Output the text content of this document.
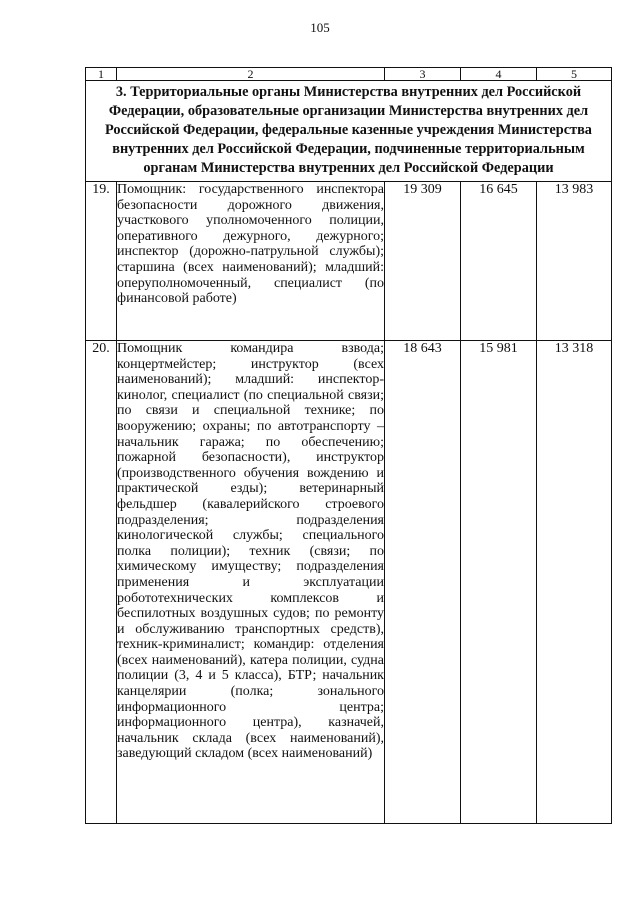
105
1	2	3	4	5
3. Территориальные органы Министерства внутренних дел Российской Федерации, образовательные организации Министерства внутренних дел Российской Федерации, федеральные казенные учреждения Министерства внутренних дел Российской Федерации, подчиненные территориальным органам Министерства внутренних дел Российской Федерации				
19.	Помощник: государственного инспектора безопасности дорожного движения, участкового уполномоченного полиции, оперативного дежурного, дежурного; инспектор (дорожно-патрульной службы); старшина (всех наименований); младший: оперуполномоченный, специалист (по финансовой работе)	19 309	16 645	13 983
20.	Помощник командира взвода; концертмейстер; инструктор (всех наименований); младший: инспектор-кинолог, специалист (по специальной связи; по связи и специальной технике; по вооружению; охраны; по автотранспорту – начальник гаража; по обеспечению; пожарной безопасности), инструктор (производственного обучения вождению и практической езды); ветеринарный фельдшер (кавалерийского строевого подразделения; подразделения кинологической службы; специального полка полиции); техник (связи; по химическому имуществу; подразделения применения и эксплуатации робототехнических комплексов и беспилотных воздушных судов; по ремонту и обслуживанию транспортных средств), техник-криминалист; командир: отделения (всех наименований), катера полиции, судна полиции (3, 4 и 5 класса), БТР; начальник канцелярии (полка; зонального информационного центра; информационного центра), казначей, начальник склада (всех наименований), заведующий складом (всех наименований)	18 643	15 981	13 318
